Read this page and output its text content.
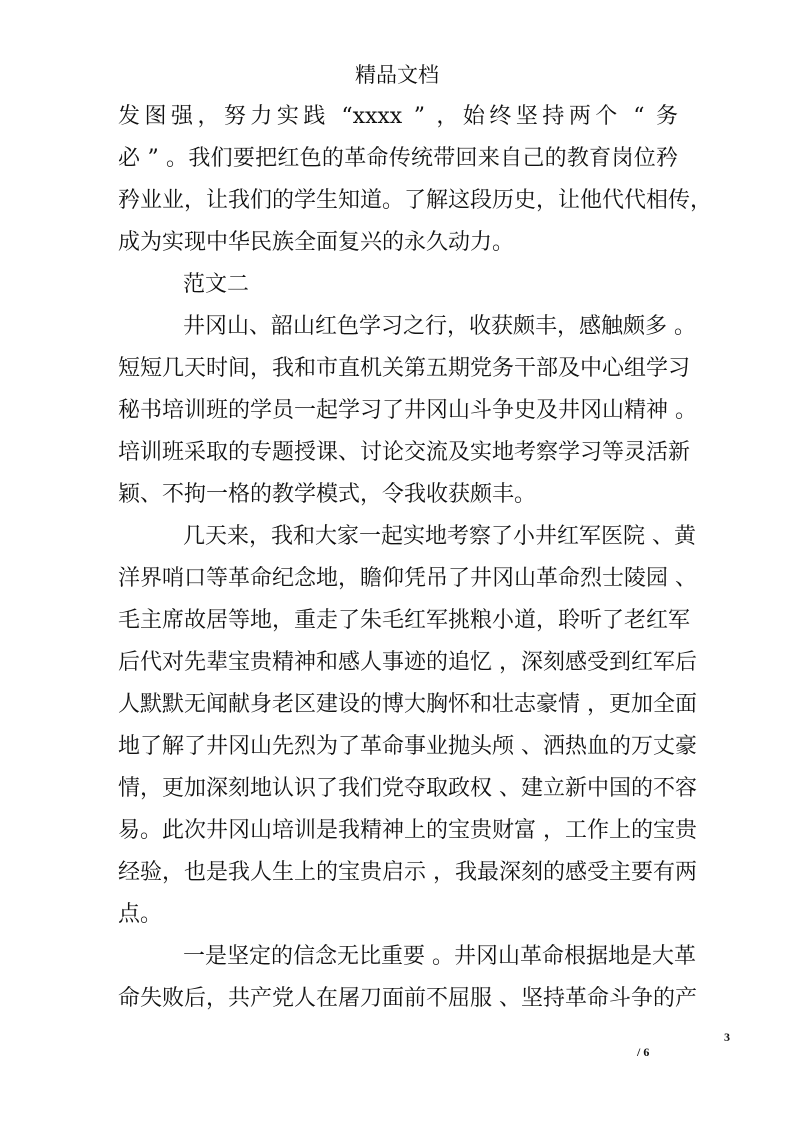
精品文档
发图强，努力实践 “xxxx ” ，始终坚持两个 “ 务
必 ” 。我们要把红色的革命传统带回来自己的教育岗位矜
矜业业，让我们的学生知道。了解这段历史，让他代代相传，
成为实现中华民族全面复兴的永久动力。
范文二
井冈山、韶山红色学习之行，收获颇丰，感触颇多 。
短短几天时间，我和市直机关第五期党务干部及中心组学习
秘书培训班的学员一起学习了井冈山斗争史及井冈山精神 。
培训班采取的专题授课、讨论交流及实地考察学习等灵活新
颖、不拘一格的教学模式，令我收获颇丰。
几天来，我和大家一起实地考察了小井红军医院 、黄
洋界哨口等革命纪念地，瞻仰凭吊了井冈山革命烈士陵园 、
毛主席故居等地，重走了朱毛红军挑粮小道，聆听了老红军
后代对先辈宝贵精神和感人事迹的追忆 ，深刻感受到红军后
人默默无闻献身老区建设的博大胸怀和壮志豪情 ，更加全面
地了解了井冈山先烈为了革命事业抛头颅 、洒热血的万丈豪
情，更加深刻地认识了我们党夺取政权 、建立新中国的不容
易。此次井冈山培训是我精神上的宝贵财富 ，工作上的宝贵
经验，也是我人生上的宝贵启示 ，我最深刻的感受主要有两
点。
一是坚定的信念无比重要 。井冈山革命根据地是大革
命失败后，共产党人在屠刀面前不屈服 、坚持革命斗争的产
3
/ 6
